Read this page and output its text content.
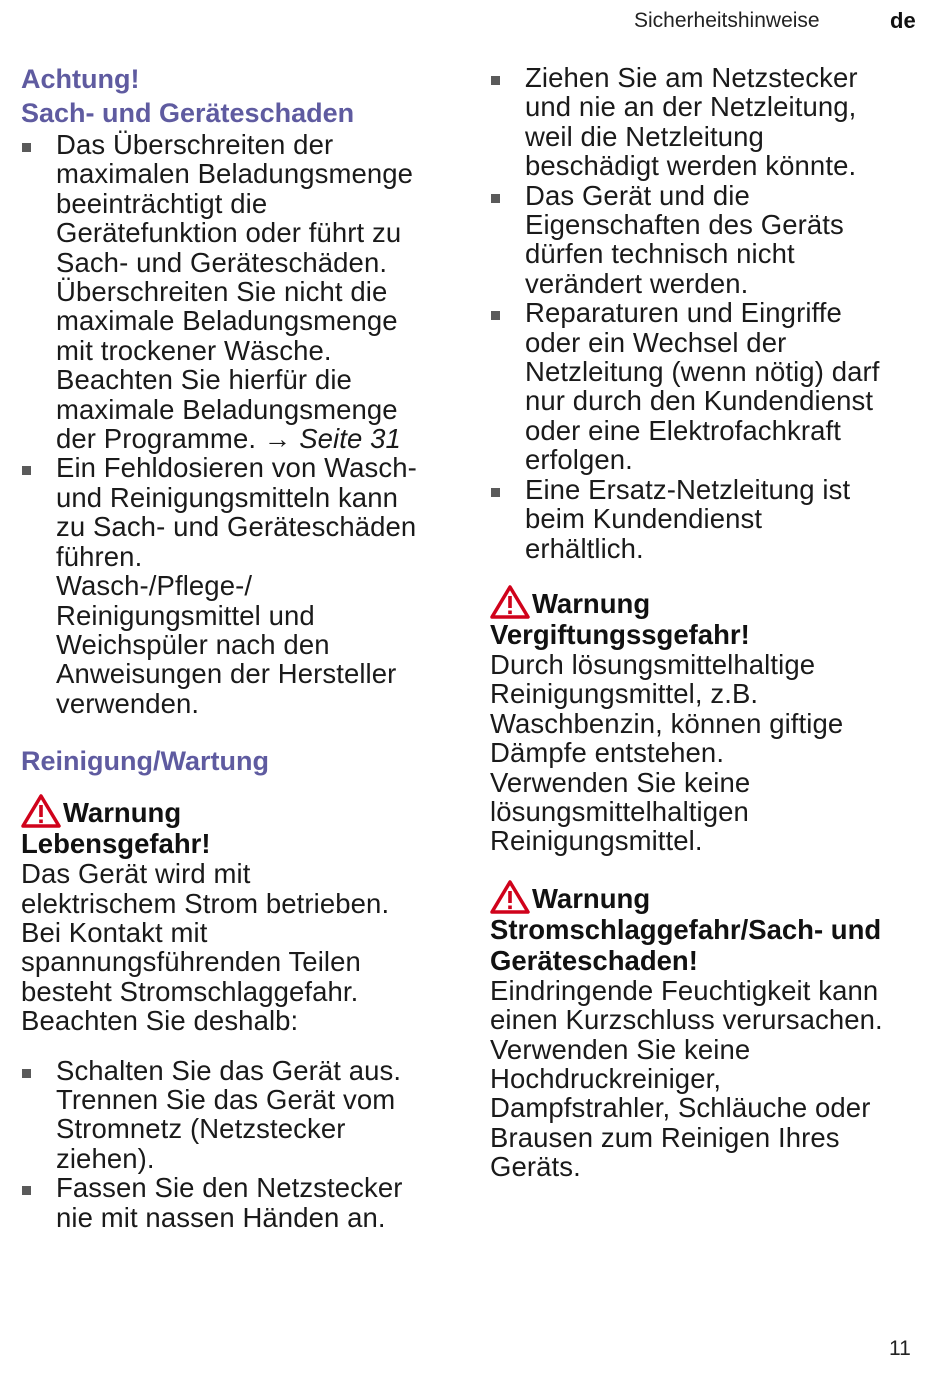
Sicherheitshinweise	de
Achtung!
Sach- und Geräteschaden
Das Überschreiten der
maximalen Beladungsmenge
beeinträchtigt die
Gerätefunktion oder führt zu
Sach- und Geräteschäden.
Überschreiten Sie nicht die
maximale Beladungsmenge
mit trockener Wäsche.
Beachten Sie hierfür die
maximale Beladungsmenge
der Programme. → Seite 31
Ein Fehldosieren von Wasch-
und Reinigungsmitteln kann
zu Sach- und Geräteschäden
führen.
Wasch-/Pflege-/
Reinigungsmittel und
Weichspüler nach den
Anweisungen der Hersteller
verwenden.
Reinigung/Wartung
Warnung
Lebensgefahr!
Das Gerät wird mit
elektrischem Strom betrieben.
Bei Kontakt mit
spannungsführenden Teilen
besteht Stromschlaggefahr.
Beachten Sie deshalb:
Schalten Sie das Gerät aus.
Trennen Sie das Gerät vom
Stromnetz (Netzstecker
ziehen).
Fassen Sie den Netzstecker
nie mit nassen Händen an.
Ziehen Sie am Netzstecker
und nie an der Netzleitung,
weil die Netzleitung
beschädigt werden könnte.
Das Gerät und die
Eigenschaften des Geräts
dürfen technisch nicht
verändert werden.
Reparaturen und Eingriffe
oder ein Wechsel der
Netzleitung (wenn nötig) darf
nur durch den Kundendienst
oder eine Elektrofachkraft
erfolgen.
Eine Ersatz-Netzleitung ist
beim Kundendienst
erhältlich.
Warnung
Vergiftungssgefahr!
Durch lösungsmittelhaltige
Reinigungsmittel, z.B.
Waschbenzin, können giftige
Dämpfe entstehen.
Verwenden Sie keine
lösungsmittelhaltigen
Reinigungsmittel.
Warnung
Stromschlaggefahr/Sach- und
Geräteschaden!
Eindringende Feuchtigkeit kann
einen Kurzschluss verursachen.
Verwenden Sie keine
Hochdruckreiniger,
Dampfstrahler, Schläuche oder
Brausen zum Reinigen Ihres
Geräts.
11
